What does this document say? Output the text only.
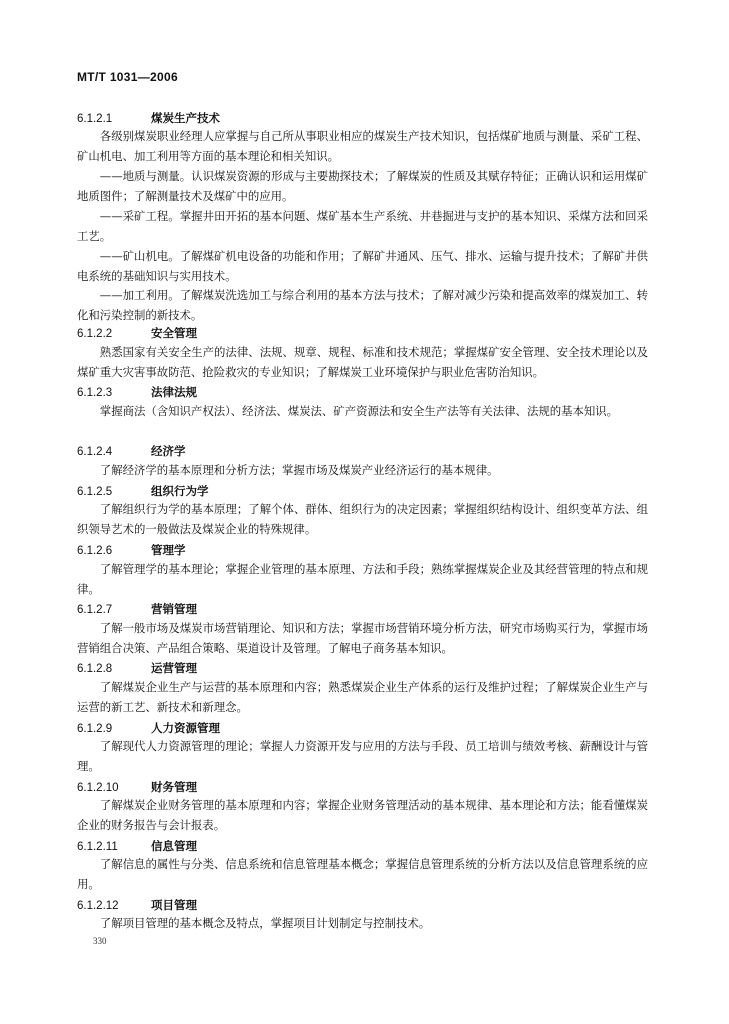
MT/T 1031—2006
6.1.2.1	煤炭生产技术
各级别煤炭职业经理人应掌握与自己所从事职业相应的煤炭生产技术知识，包括煤矿地质与测量、采矿工程、矿山机电、加工利用等方面的基本理论和相关知识。
——地质与测量。认识煤炭资源的形成与主要勘探技术；了解煤炭的性质及其赋存特征；正确认识和运用煤矿地质图件；了解测量技术及煤矿中的应用。
——采矿工程。掌握井田开拓的基本问题、煤矿基本生产系统、井巷掘进与支护的基本知识、采煤方法和回采工艺。
——矿山机电。了解煤矿机电设备的功能和作用；了解矿井通风、压气、排水、运输与提升技术；了解矿井供电系统的基础知识与实用技术。
——加工利用。了解煤炭洗选加工与综合利用的基本方法与技术；了解对减少污染和提高效率的煤炭加工、转化和污染控制的新技术。
6.1.2.2	安全管理
熟悉国家有关安全生产的法律、法规、规章、规程、标准和技术规范；掌握煤矿安全管理、安全技术理论以及煤矿重大灾害事故防范、抢险救灾的专业知识；了解煤炭工业环境保护与职业危害防治知识。
6.1.2.3	法律法规
掌握商法（含知识产权法）、经济法、煤炭法、矿产资源法和安全生产法等有关法律、法规的基本知识。
6.1.2.4	经济学
了解经济学的基本原理和分析方法；掌握市场及煤炭产业经济运行的基本规律。
6.1.2.5	组织行为学
了解组织行为学的基本原理；了解个体、群体、组织行为的决定因素；掌握组织结构设计、组织变革方法、组织领导艺术的一般做法及煤炭企业的特殊规律。
6.1.2.6	管理学
了解管理学的基本理论；掌握企业管理的基本原理、方法和手段；熟练掌握煤炭企业及其经营管理的特点和规律。
6.1.2.7	营销管理
了解一般市场及煤炭市场营销理论、知识和方法；掌握市场营销环境分析方法，研究市场购买行为，掌握市场营销组合决策、产品组合策略、渠道设计及管理。了解电子商务基本知识。
6.1.2.8	运营管理
了解煤炭企业生产与运营的基本原理和内容；熟悉煤炭企业生产体系的运行及维护过程；了解煤炭企业生产与运营的新工艺、新技术和新理念。
6.1.2.9	人力资源管理
了解现代人力资源管理的理论；掌握人力资源开发与应用的方法与手段、员工培训与绩效考核、薪酬设计与管理。
6.1.2.10	财务管理
了解煤炭企业财务管理的基本原理和内容；掌握企业财务管理活动的基本规律、基本理论和方法；能看懂煤炭企业的财务报告与会计报表。
6.1.2.11	信息管理
了解信息的属性与分类、信息系统和信息管理基本概念；掌握信息管理系统的分析方法以及信息管理系统的应用。
6.1.2.12	项目管理
了解项目管理的基本概念及特点，掌握项目计划制定与控制技术。
330
